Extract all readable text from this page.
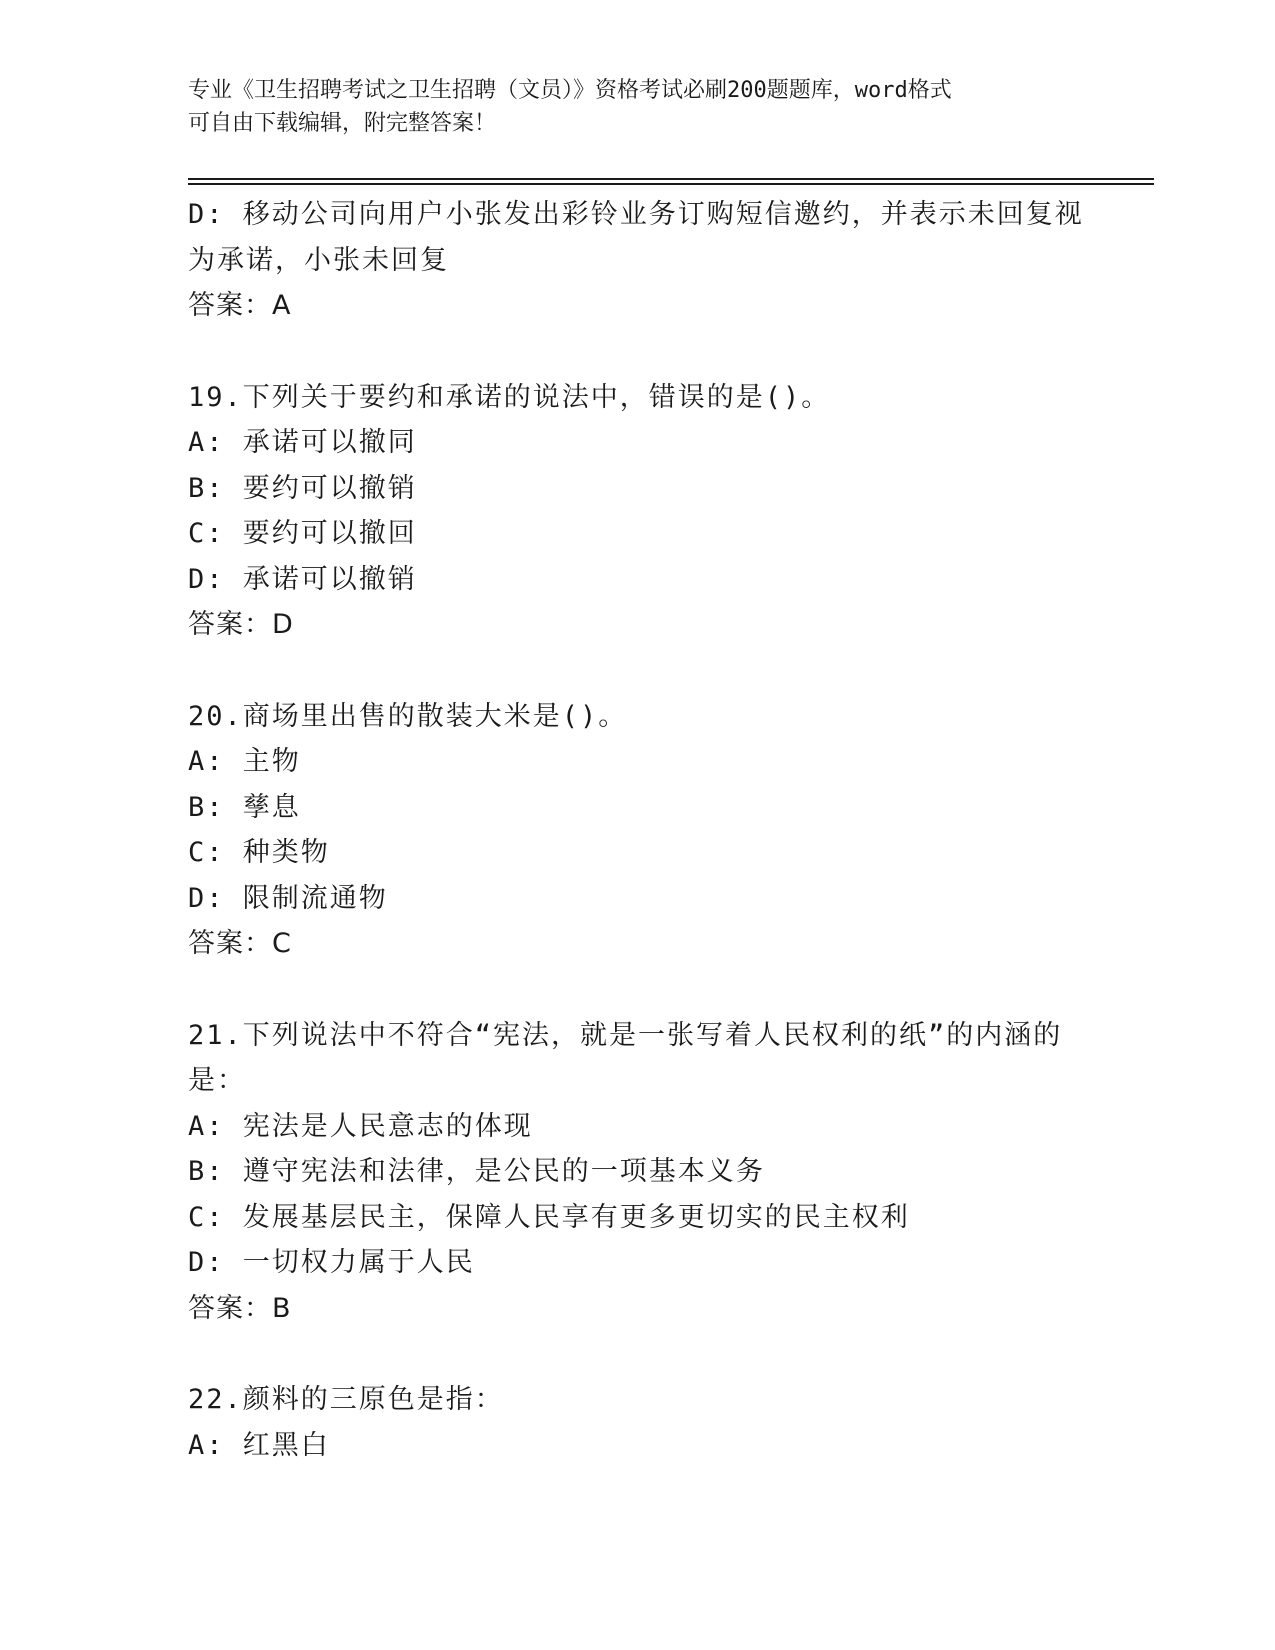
专业《卫生招聘考试之卫生招聘（文员）》资格考试必刷200题题库，word格式
可自由下载编辑，附完整答案！
D: 移动公司向用户小张发出彩铃业务订购短信邀约，并表示未回复视
为承诺，小张未回复
答案：A
19.下列关于要约和承诺的说法中，错误的是()。
A: 承诺可以撤同
B: 要约可以撤销
C: 要约可以撤回
D: 承诺可以撤销
答案：D
20.商场里出售的散装大米是()。
A: 主物
B: 孳息
C: 种类物
D: 限制流通物
答案：C
21.下列说法中不符合“宪法，就是一张写着人民权利的纸”的内涵的
是：
A: 宪法是人民意志的体现
B: 遵守宪法和法律，是公民的一项基本义务
C: 发展基层民主，保障人民享有更多更切实的民主权利
D: 一切权力属于人民
答案：B
22.颜料的三原色是指：
A: 红黑白
